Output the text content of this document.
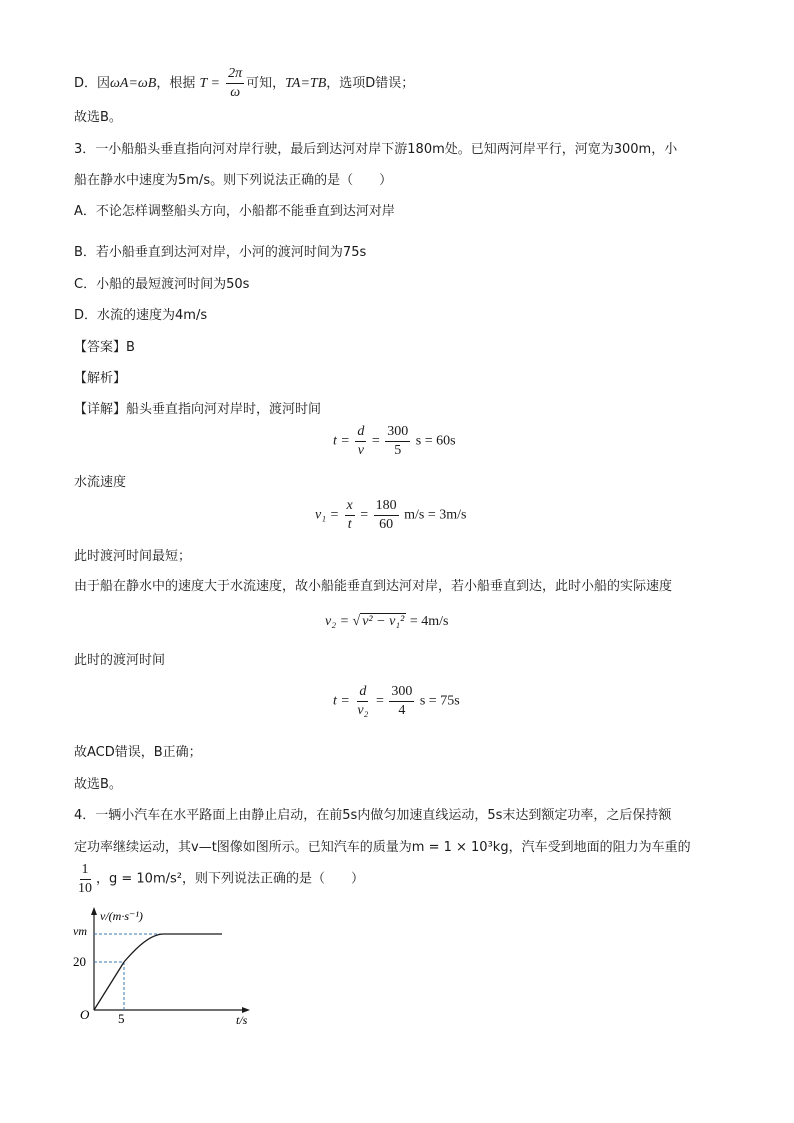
D．因ωA=ωB，根据 $T = \frac{2\pi}{\omega}$ 可知，TA=TB，选项D错误；
故选B。
3．一小船船头垂直指向河对岸行驶，最后到达河对岸下游180m处。已知两河岸平行，河宽为300m，小
船在静水中速度为5m/s。则下列说法正确的是（　　）
A．不论怎样调整船头方向，小船都不能垂直到达河对岸
B．若小船垂直到达河对岸，小河的渡河时间为75s
C．小船的最短渡河时间为50s
D．水流的速度为4m/s
【答案】B
【解析】
【详解】船头垂直指向河对岸时，渡河时间
$t = \frac{d}{v} = \frac{300}{5}$ s = 60s
水流速度
$v_1 = \frac{x}{t} = \frac{180}{60} m/s = 3m/s$
此时渡河时间最短；
由于船在静水中的速度大于水流速度，故小船能垂直到达河对岸，若小船垂直到达，此时小船的实际速度
v₂ = √ v² − v₁² = 4m/s
此时的渡河时间
$t = \frac{d}{\text{v₂}} = \frac{300}{4}$ s = 75s
故ACD错误，B正确；
故选B。
4．一辆小汽车在水平路面上由静止启动，在前5s内做匀加速直线运动，5s末达到额定功率，之后保持额
定功率继续运动，其v—t图像如图所示。已知汽车的质量为m = 1 × 10³kg，汽车受到地面的阻力为车重的
$\frac{1}{10}$ ，g = 10m/s²，则下列说法正确的是（　　）
v/(m·s⁻¹)
t/s
O
vm
20
5
